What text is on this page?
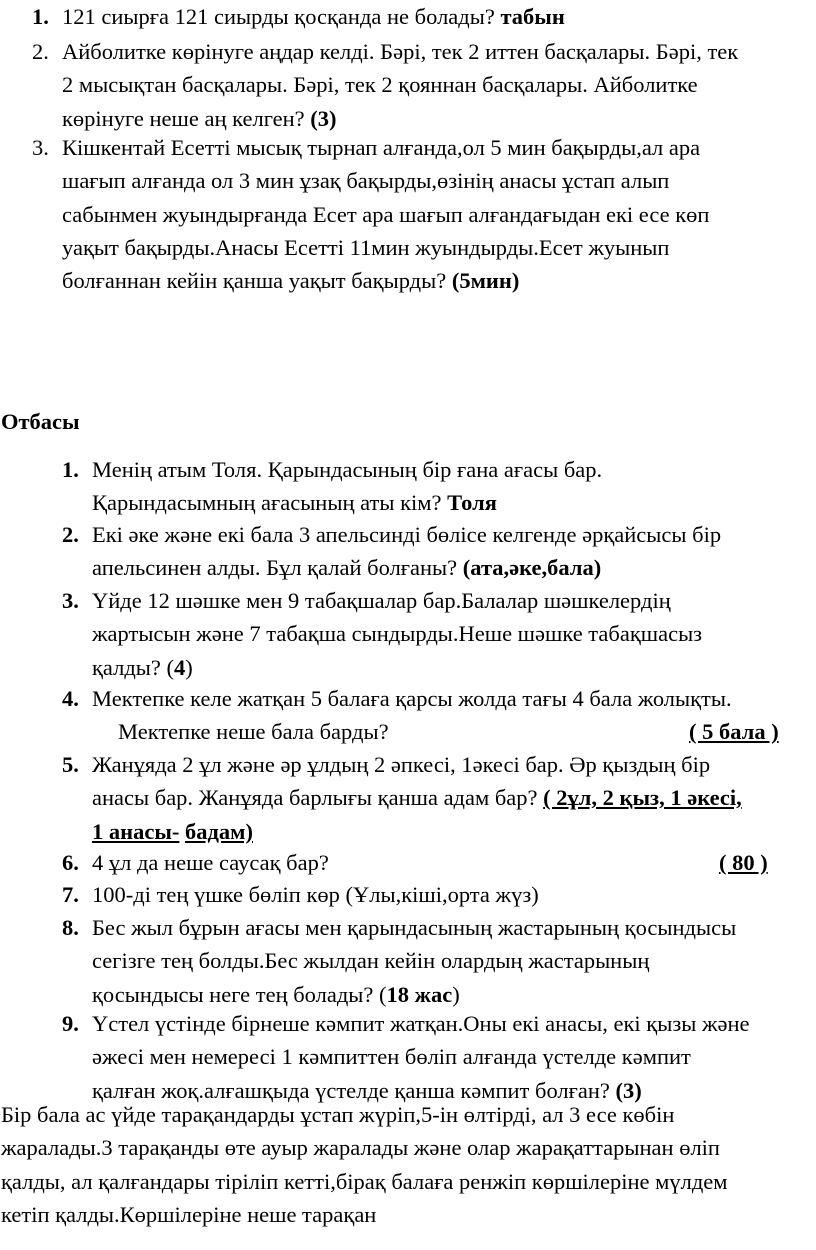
1. 121 сиырға 121 сиырды қосқанда не болады? табын
2. Айболитке көрінуге аңдар келді. Бәрі, тек 2 иттен басқалары. Бәрі, тек
2 мысықтан басқалары. Бәрі, тек 2 қояннан басқалары. Айболитке
көрінуге неше аң келген? (3)
3. Кішкентай Есетті мысық тырнап алғанда,ол 5 мин бақырды,ал ара
шағып алғанда ол 3 мин ұзақ бақырды,өзінің анасы ұстап алып
сабынмен жуындырғанда Есет ара шағып алғандағыдан екі есе көп
уақыт бақырды.Анасы Есетті 11мин жуындырды.Есет жуынып
болғаннан кейін қанша уақыт бақырды? (5мин)
Отбасы
1. Менің атым Толя. Қарындасының бір ғана ағасы бар.
Қарындасымның ағасының аты кім? Толя
2. Екі әке және екі бала 3 апельсинді бөлісе келгенде әрқайсысы бір
апельсинен алды. Бұл қалай болғаны? (ата,әке,бала)
3. Үйде 12 шәшке мен 9 табақшалар бар.Балалар шәшкелердің
жартысын және 7 табақша сындырды.Неше шәшке табақшасыз
қалды? (4)
4. Мектепке келе жатқан 5 балаға қарсы жолда тағы 4 бала жолықты.
Мектепке неше бала барды?	( 5 бала )
5. Жанұяда 2 ұл және әр ұлдың 2 әпкесі, 1әкесі бар. Әр қыздың бір
анасы бар. Жанұяда барлығы қанша адам бар? ( 2ұл, 2 қыз, 1 әкесі,
1 анасы- бадам)
6. 4 ұл да неше саусақ бар?	( 80 )
7. 100-ді тең үшке бөліп көр (Ұлы,кіші,орта жүз)
8. Бес жыл бұрын ағасы мен қарындасының жастарының қосындысы
сегізге тең болды.Бес жылдан кейін олардың жастарының
қосындысы неге тең болады? (18 жас)
9. Үстел үстінде бірнеше кәмпит жатқан.Оны екі анасы, екі қызы және
әжесі мен немересі 1 кәмпиттен бөліп алғанда үстелде кәмпит
қалған жоқ.алғашқыда үстелде қанша кәмпит болған? (3)
Бір бала ас үйде тарақандарды ұстап жүріп,5-ін өлтірді, ал 3 есе көбін
жаралады.3 тарақанды өте ауыр жаралады және олар жарақаттарынан өліп
қалды, ал қалғандары тіріліп кетті,бірақ балаға ренжіп көршілеріне мүлдем
кетіп қалды.Көршілеріне неше тарақан
